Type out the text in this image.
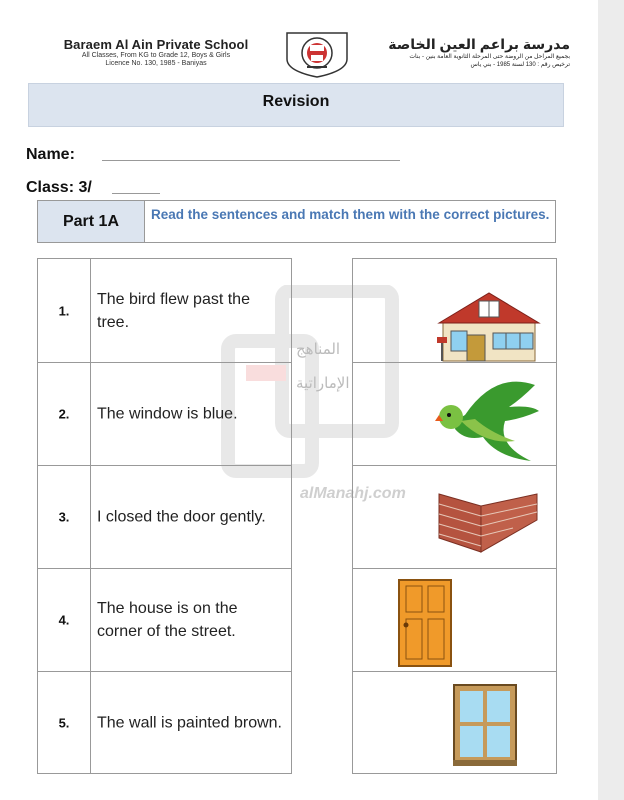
Baraem Al Ain Private School
All Classes, From KG to Grade 12, Boys & Girls
Licence No. 130, 1985 - Baniyas
مدرسة براعم العين الخاصة
بجميع المراحل من الروضة حتى المرحلة الثانوية العامة بنين - بنات
ترخيص رقم : 130 لسنة 1985 - بني ياس
Revision
Name:
Class: 3/
Part 1A	Read the sentences and match them with the correct pictures.
المناهج
الإماراتية
alManahj.com
1.
The bird flew past the tree.
2.	The window is blue.
3.	I closed the door gently.
4.
The house is on the corner of the street.
5.	The wall is painted brown.
